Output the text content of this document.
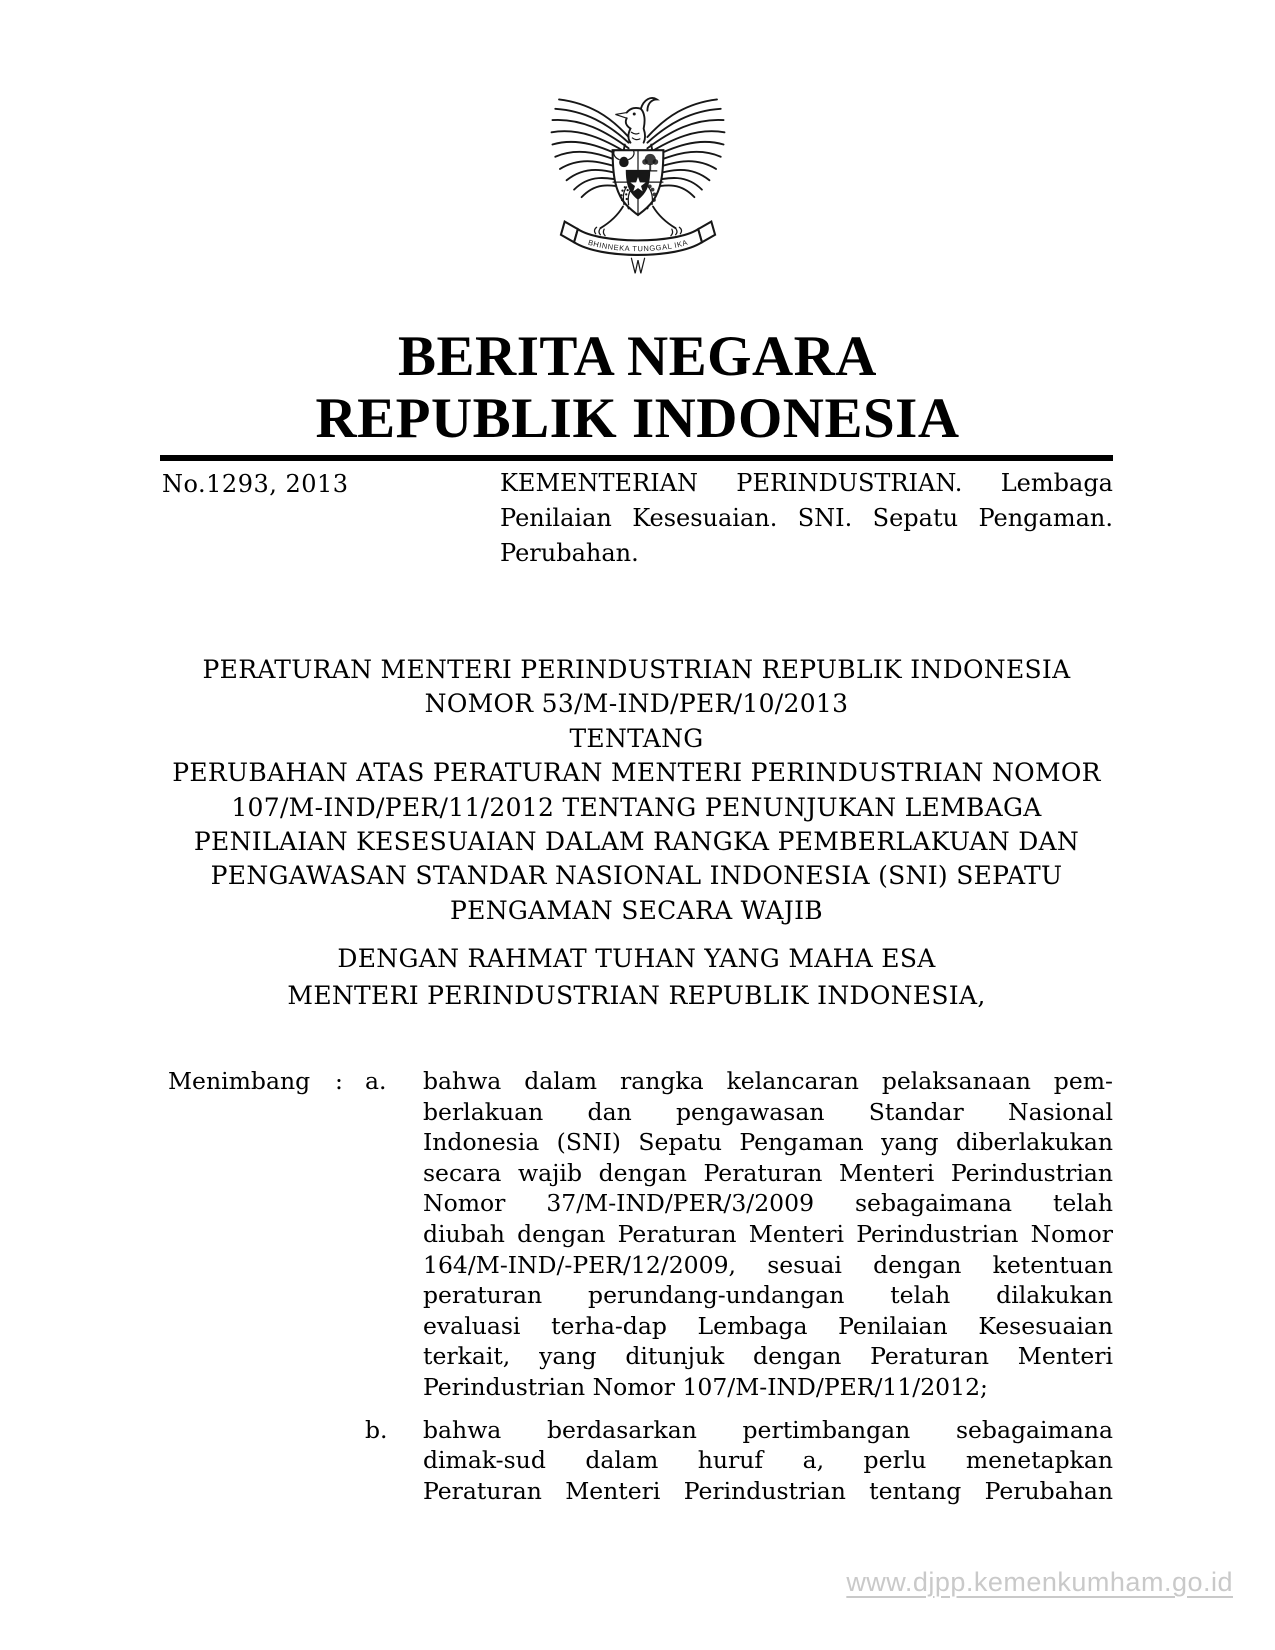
BHINNEKA TUNGGAL IKA
BERITA NEGARA
REPUBLIK INDONESIA
No.1293, 2013	KEMENTERIAN PERINDUSTRIAN. Lembaga
Penilaian Kesesuaian. SNI. Sepatu Pengaman.
Perubahan.
PERATURAN MENTERI PERINDUSTRIAN REPUBLIK INDONESIA
NOMOR 53/M-IND/PER/10/2013
TENTANG
PERUBAHAN ATAS PERATURAN MENTERI PERINDUSTRIAN NOMOR
107/M-IND/PER/11/2012 TENTANG PENUNJUKAN LEMBAGA
PENILAIAN KESESUAIAN DALAM RANGKA PEMBERLAKUAN DAN
PENGAWASAN STANDAR NASIONAL INDONESIA (SNI) SEPATU
PENGAMAN SECARA WAJIB
DENGAN RAHMAT TUHAN YANG MAHA ESA
MENTERI PERINDUSTRIAN REPUBLIK INDONESIA,
Menimbang : a. bahwa dalam rangka kelancaran pelaksanaan pem-
berlakuan dan pengawasan Standar Nasional
Indonesia (SNI) Sepatu Pengaman yang diberlakukan
secara wajib dengan Peraturan Menteri Perindustrian
Nomor 37/M-IND/PER/3/2009 sebagaimana telah
diubah dengan Peraturan Menteri Perindustrian Nomor
164/M-IND/-PER/12/2009, sesuai dengan ketentuan
peraturan perundang-undangan telah dilakukan
evaluasi terha-dap Lembaga Penilaian Kesesuaian
terkait, yang ditunjuk dengan Peraturan Menteri
Perindustrian Nomor 107/M-IND/PER/11/2012;
b. bahwa berdasarkan pertimbangan sebagaimana
dimak-sud dalam huruf a, perlu menetapkan
Peraturan Menteri Perindustrian tentang Perubahan
www.djpp.kemenkumham.go.id
